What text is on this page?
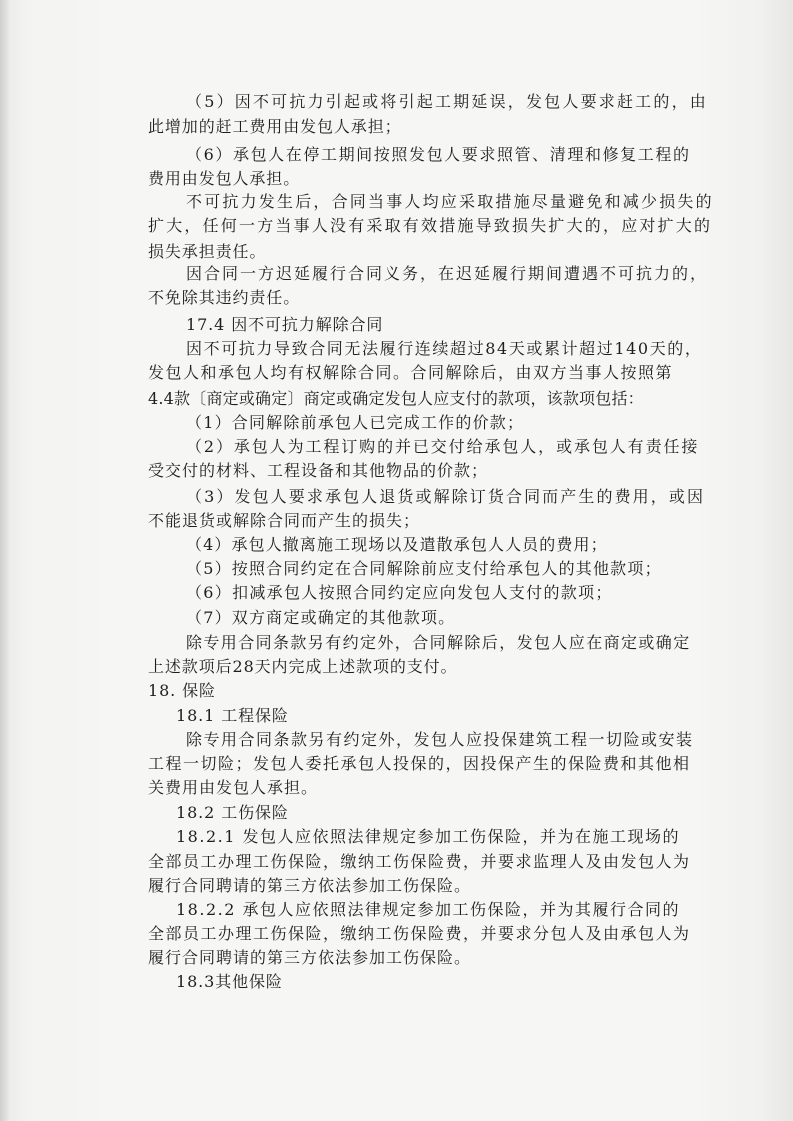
（5）因不可抗力引起或将引起工期延误，发包人要求赶工的，由
此增加的赶工费用由发包人承担；
（6）承包人在停工期间按照发包人要求照管、清理和修复工程的
费用由发包人承担。
不可抗力发生后，合同当事人均应采取措施尽量避免和减少损失的
扩大，任何一方当事人没有采取有效措施导致损失扩大的，应对扩大的
损失承担责任。
因合同一方迟延履行合同义务，在迟延履行期间遭遇不可抗力的，
不免除其违约责任。
17.4 因不可抗力解除合同
因不可抗力导致合同无法履行连续超过84天或累计超过140天的，
发包人和承包人均有权解除合同。合同解除后，由双方当事人按照第
4.4款〔商定或确定〕商定或确定发包人应支付的款项，该款项包括：
（1）合同解除前承包人已完成工作的价款；
（2）承包人为工程订购的并已交付给承包人，或承包人有责任接
受交付的材料、工程设备和其他物品的价款；
（3）发包人要求承包人退货或解除订货合同而产生的费用，或因
不能退货或解除合同而产生的损失；
（4）承包人撤离施工现场以及遣散承包人人员的费用；
（5）按照合同约定在合同解除前应支付给承包人的其他款项；
（6）扣减承包人按照合同约定应向发包人支付的款项；
（7）双方商定或确定的其他款项。
除专用合同条款另有约定外，合同解除后，发包人应在商定或确定
上述款项后28天内完成上述款项的支付。
18. 保险
18.1 工程保险
除专用合同条款另有约定外，发包人应投保建筑工程一切险或安装
工程一切险；发包人委托承包人投保的，因投保产生的保险费和其他相
关费用由发包人承担。
18.2 工伤保险
18.2.1 发包人应依照法律规定参加工伤保险，并为在施工现场的
全部员工办理工伤保险，缴纳工伤保险费，并要求监理人及由发包人为
履行合同聘请的第三方依法参加工伤保险。
18.2.2 承包人应依照法律规定参加工伤保险，并为其履行合同的
全部员工办理工伤保险，缴纳工伤保险费，并要求分包人及由承包人为
履行合同聘请的第三方依法参加工伤保险。
18.3其他保险
